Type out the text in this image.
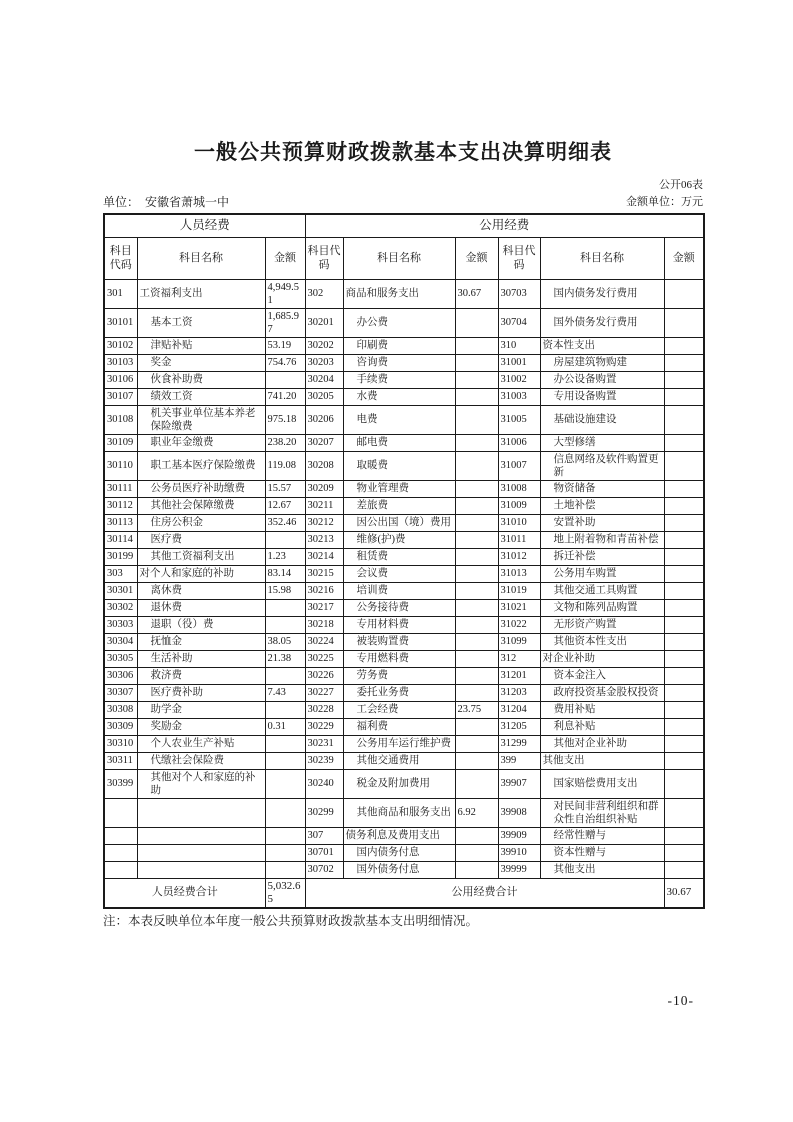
一般公共预算财政拨款基本支出决算明细表
公开06表
单位： 安徽省萧城一中	金额单位：万元
人员经费			公用经费					
科目代码	科目名称	金额	科目代码	科目名称	金额	科目代码	科目名称	金额
301	工资福利支出	4,949.51	302	商品和服务支出	30.67	30703	国内债务发行费用	
30101	基本工资	1,685.97	30201	办公费		30704	国外债务发行费用	
30102	津贴补贴	53.19	30202	印刷费		310	资本性支出	
30103	奖金	754.76	30203	咨询费		31001	房屋建筑物购建	
30106	伙食补助费		30204	手续费		31002	办公设备购置	
30107	绩效工资	741.20	30205	水费		31003	专用设备购置	
30108	机关事业单位基本养老保险缴费	975.18	30206	电费		31005	基础设施建设	
30109	职业年金缴费	238.20	30207	邮电费		31006	大型修缮	
30110	职工基本医疗保险缴费	119.08	30208	取暖费		31007	信息网络及软件购置更新	
30111	公务员医疗补助缴费	15.57	30209	物业管理费		31008	物资储备	
30112	其他社会保障缴费	12.67	30211	差旅费		31009	土地补偿	
30113	住房公积金	352.46	30212	因公出国（境）费用		31010	安置补助	
30114	医疗费		30213	维修(护)费		31011	地上附着物和青苗补偿	
30199	其他工资福利支出	1.23	30214	租赁费		31012	拆迁补偿	
303	对个人和家庭的补助	83.14	30215	会议费		31013	公务用车购置	
30301	离休费	15.98	30216	培训费		31019	其他交通工具购置	
30302	退休费		30217	公务接待费		31021	文物和陈列品购置	
30303	退职（役）费		30218	专用材料费		31022	无形资产购置	
30304	抚恤金	38.05	30224	被装购置费		31099	其他资本性支出	
30305	生活补助	21.38	30225	专用燃料费		312	对企业补助	
30306	救济费		30226	劳务费		31201	资本金注入	
30307	医疗费补助	7.43	30227	委托业务费		31203	政府投资基金股权投资	
30308	助学金		30228	工会经费	23.75	31204	费用补贴	
30309	奖励金	0.31	30229	福利费		31205	利息补贴	
30310	个人农业生产补贴		30231	公务用车运行维护费		31299	其他对企业补助	
30311	代缴社会保险费		30239	其他交通费用		399	其他支出	
30399	其他对个人和家庭的补助		30240	税金及附加费用		39907	国家赔偿费用支出	
			30299	其他商品和服务支出	6.92	39908	对民间非营利组织和群众性自治组织补贴	
			307	债务利息及费用支出		39909	经常性赠与	
			30701	国内债务付息		39910	资本性赠与	
			30702	国外债务付息		39999	其他支出	
人员经费合计		5,032.65	公用经费合计					30.67
注：本表反映单位本年度一般公共预算财政拨款基本支出明细情况。
-10-
